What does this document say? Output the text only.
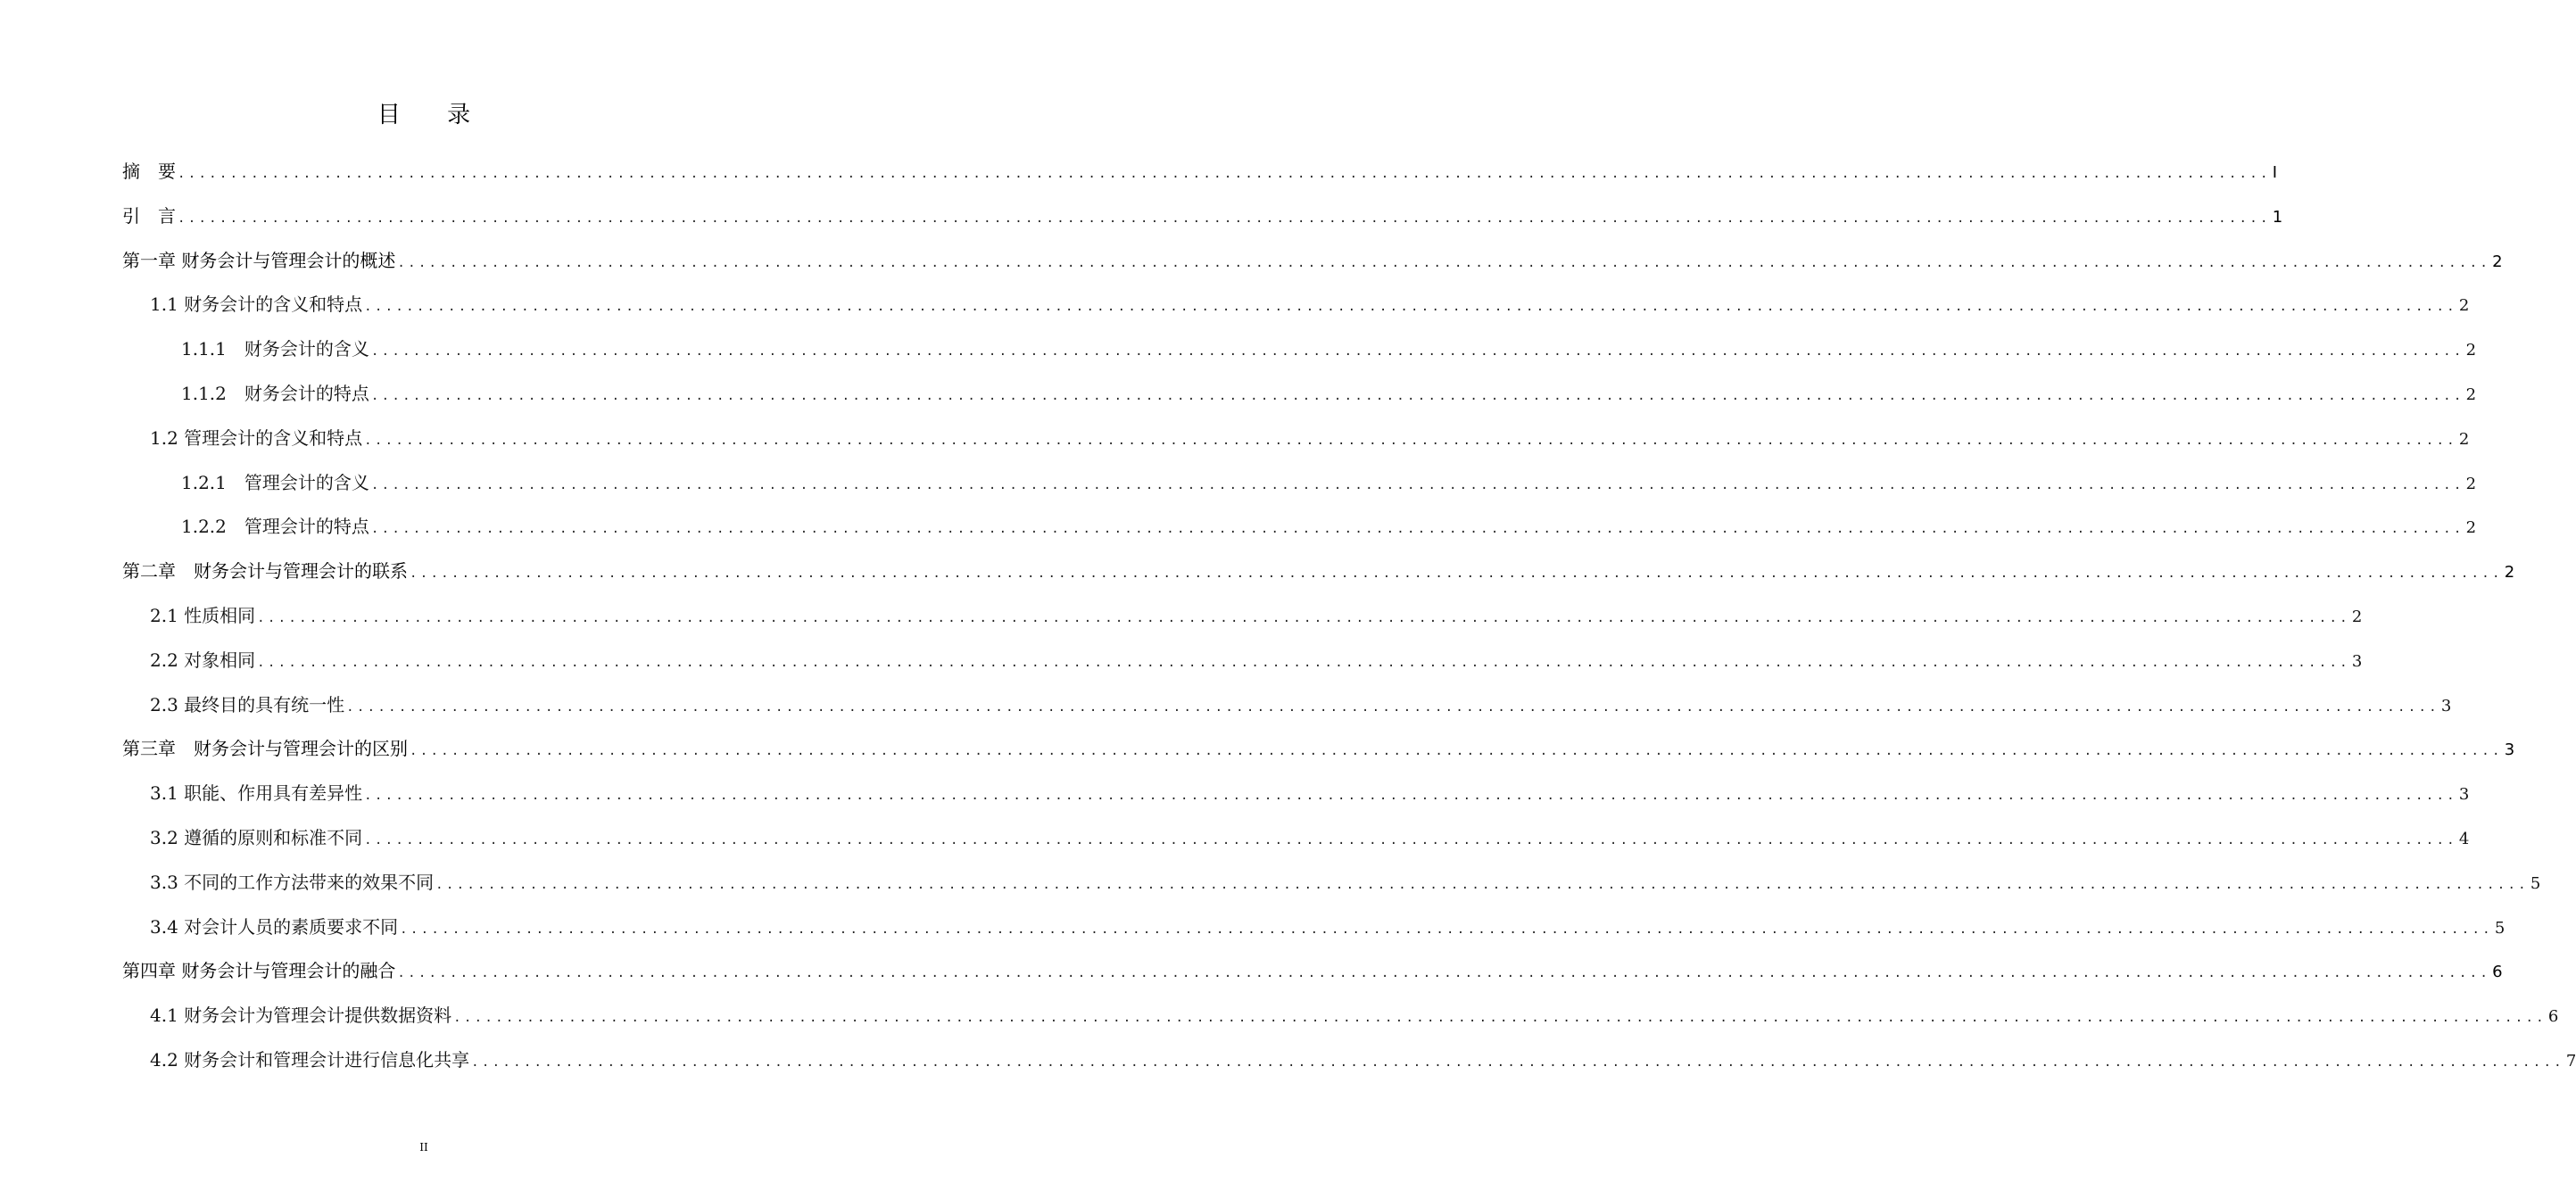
目 录
摘　要 ........................................................................................................................................................................................................ I
引　言 ........................................................................................................................................................................................................ 1
第一章 财务会计与管理会计的概述 ........................................................................................................................................................................................................ 2
1.1 财务会计的含义和特点 ........................................................................................................................................................................................................ 2
1.1.1　财务会计的含义 ........................................................................................................................................................................................................ 2
1.1.2　财务会计的特点 ........................................................................................................................................................................................................ 2
1.2 管理会计的含义和特点 ........................................................................................................................................................................................................ 2
1.2.1　管理会计的含义 ........................................................................................................................................................................................................ 2
1.2.2　管理会计的特点 ........................................................................................................................................................................................................ 2
第二章　财务会计与管理会计的联系 ........................................................................................................................................................................................................ 2
2.1 性质相同 ........................................................................................................................................................................................................ 2
2.2 对象相同 ........................................................................................................................................................................................................ 3
2.3 最终目的具有统一性 ........................................................................................................................................................................................................ 3
第三章　财务会计与管理会计的区别 ........................................................................................................................................................................................................ 3
3.1 职能、作用具有差异性 ........................................................................................................................................................................................................ 3
3.2 遵循的原则和标准不同 ........................................................................................................................................................................................................ 4
3.3 不同的工作方法带来的效果不同 ........................................................................................................................................................................................................ 5
3.4 对会计人员的素质要求不同 ........................................................................................................................................................................................................ 5
第四章 财务会计与管理会计的融合 ........................................................................................................................................................................................................ 6
4.1 财务会计为管理会计提供数据资料 ........................................................................................................................................................................................................ 6
4.2 财务会计和管理会计进行信息化共享 ........................................................................................................................................................................................................ 7
II
